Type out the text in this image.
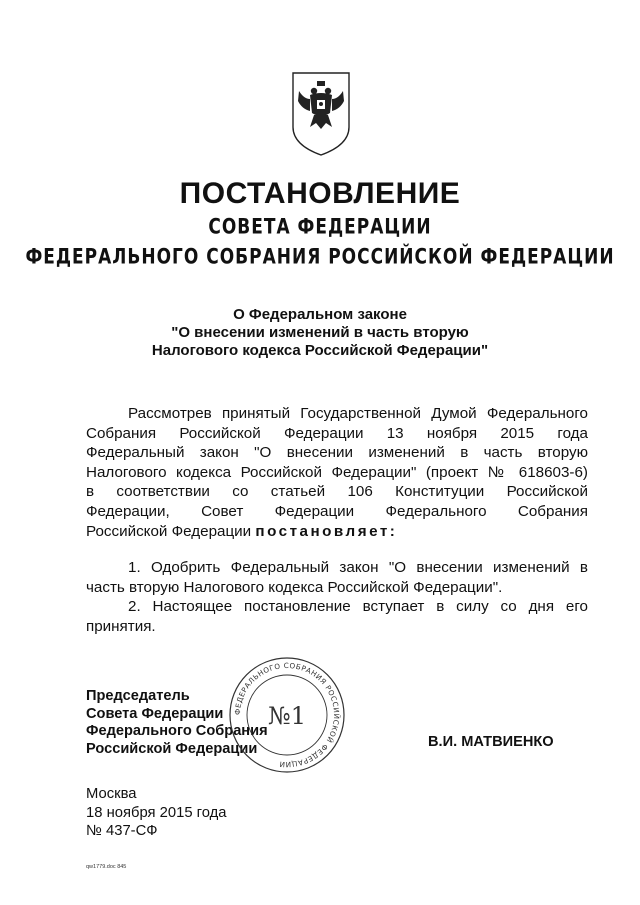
ПОСТАНОВЛЕНИЕ
СОВЕТА ФЕДЕРАЦИИ
ФЕДЕРАЛЬНОГО СОБРАНИЯ РОССИЙСКОЙ ФЕДЕРАЦИИ
О Федеральном законе
"О внесении изменений в часть вторую
Налогового кодекса Российской Федерации"
Рассмотрев принятый Государственной Думой Федерального
Собрания Российской Федерации 13 ноября 2015 года
Федеральный закон "О внесении изменений в часть вторую
Налогового кодекса Российской Федерации" (проект № 618603-6)
в соответствии со статьей 106 Конституции Российской
Федерации, Совет Федерации Федерального Собрания
Российской Федерации постановляет:
1. Одобрить Федеральный закон "О внесении изменений в
часть вторую Налогового кодекса Российской Федерации".
2. Настоящее постановление вступает в силу со дня его
принятия.
Председатель
Совета Федерации
Федерального Собрания
Российской Федерации
ФЕДЕРАЛЬНОГО СОБРАНИЯ РОССИЙСКОЙ ФЕДЕРАЦИИ
№1
В.И. МАТВИЕНКО
Москва
18 ноября 2015 года
№ 437-СФ
qw1779.doc 845
